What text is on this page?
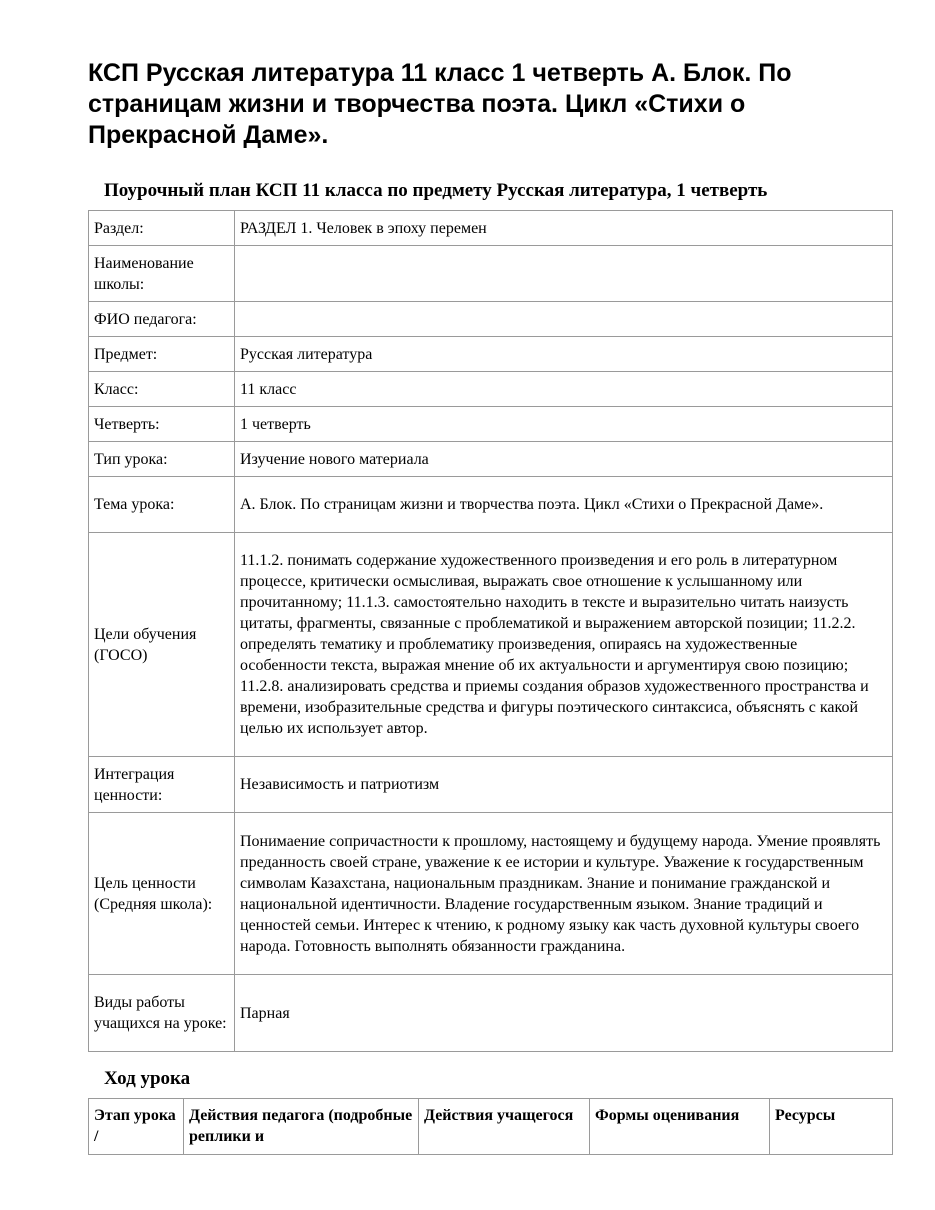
КСП Русская литература 11 класс 1 четверть А. Блок. По страницам жизни и творчества поэта. Цикл «Стихи о Прекрасной Даме».
Поурочный план КСП 11 класса по предмету Русская литература, 1 четверть
Раздел:	РАЗДЕЛ 1. Человек в эпоху перемен
Наименование школы:	
ФИО педагога:	
Предмет:	Русская литература
Класс:	11 класс
Четверть:	1 четверть
Тип урока:	Изучение нового материала
Тема урока:	А. Блок. По страницам жизни и творчества поэта. Цикл «Стихи о Прекрасной Даме».
Цели обучения (ГОСО)	11.1.2. понимать содержание художественного произведения и его роль в литературном процессе, критически осмысливая, выражать свое отношение к услышанному или прочитанному; 11.1.3. самостоятельно находить в тексте и выразительно читать наизусть цитаты, фрагменты, связанные с проблематикой и выражением авторской позиции; 11.2.2. определять тематику и проблематику произведения, опираясь на художественные особенности текста, выражая мнение об их актуальности и аргументируя свою позицию; 11.2.8. анализировать средства и приемы создания образов художественного пространства и времени, изобразительные средства и фигуры поэтического синтаксиса, объяснять с какой целью их использует автор.
Интеграция ценности:	Независимость и патриотизм
Цель ценности (Средняя школа):	Понимаение сопричастности к прошлому, настоящему и будущему народа. Умение проявлять преданность своей стране, уважение к ее истории и культуре. Уважение к государственным символам Казахстана, национальным праздникам. Знание и понимание гражданской и национальной идентичности. Владение государственным языком. Знание традиций и ценностей семьи. Интерес к чтению, к родному языку как часть духовной культуры своего народа. Готовность выполнять обязанности гражданина.
Виды работы учащихся на уроке:	Парная
Ход урока
Этап урока /	Действия педагога (подробные реплики и	Действия учащегося	Формы оценивания	Ресурсы
